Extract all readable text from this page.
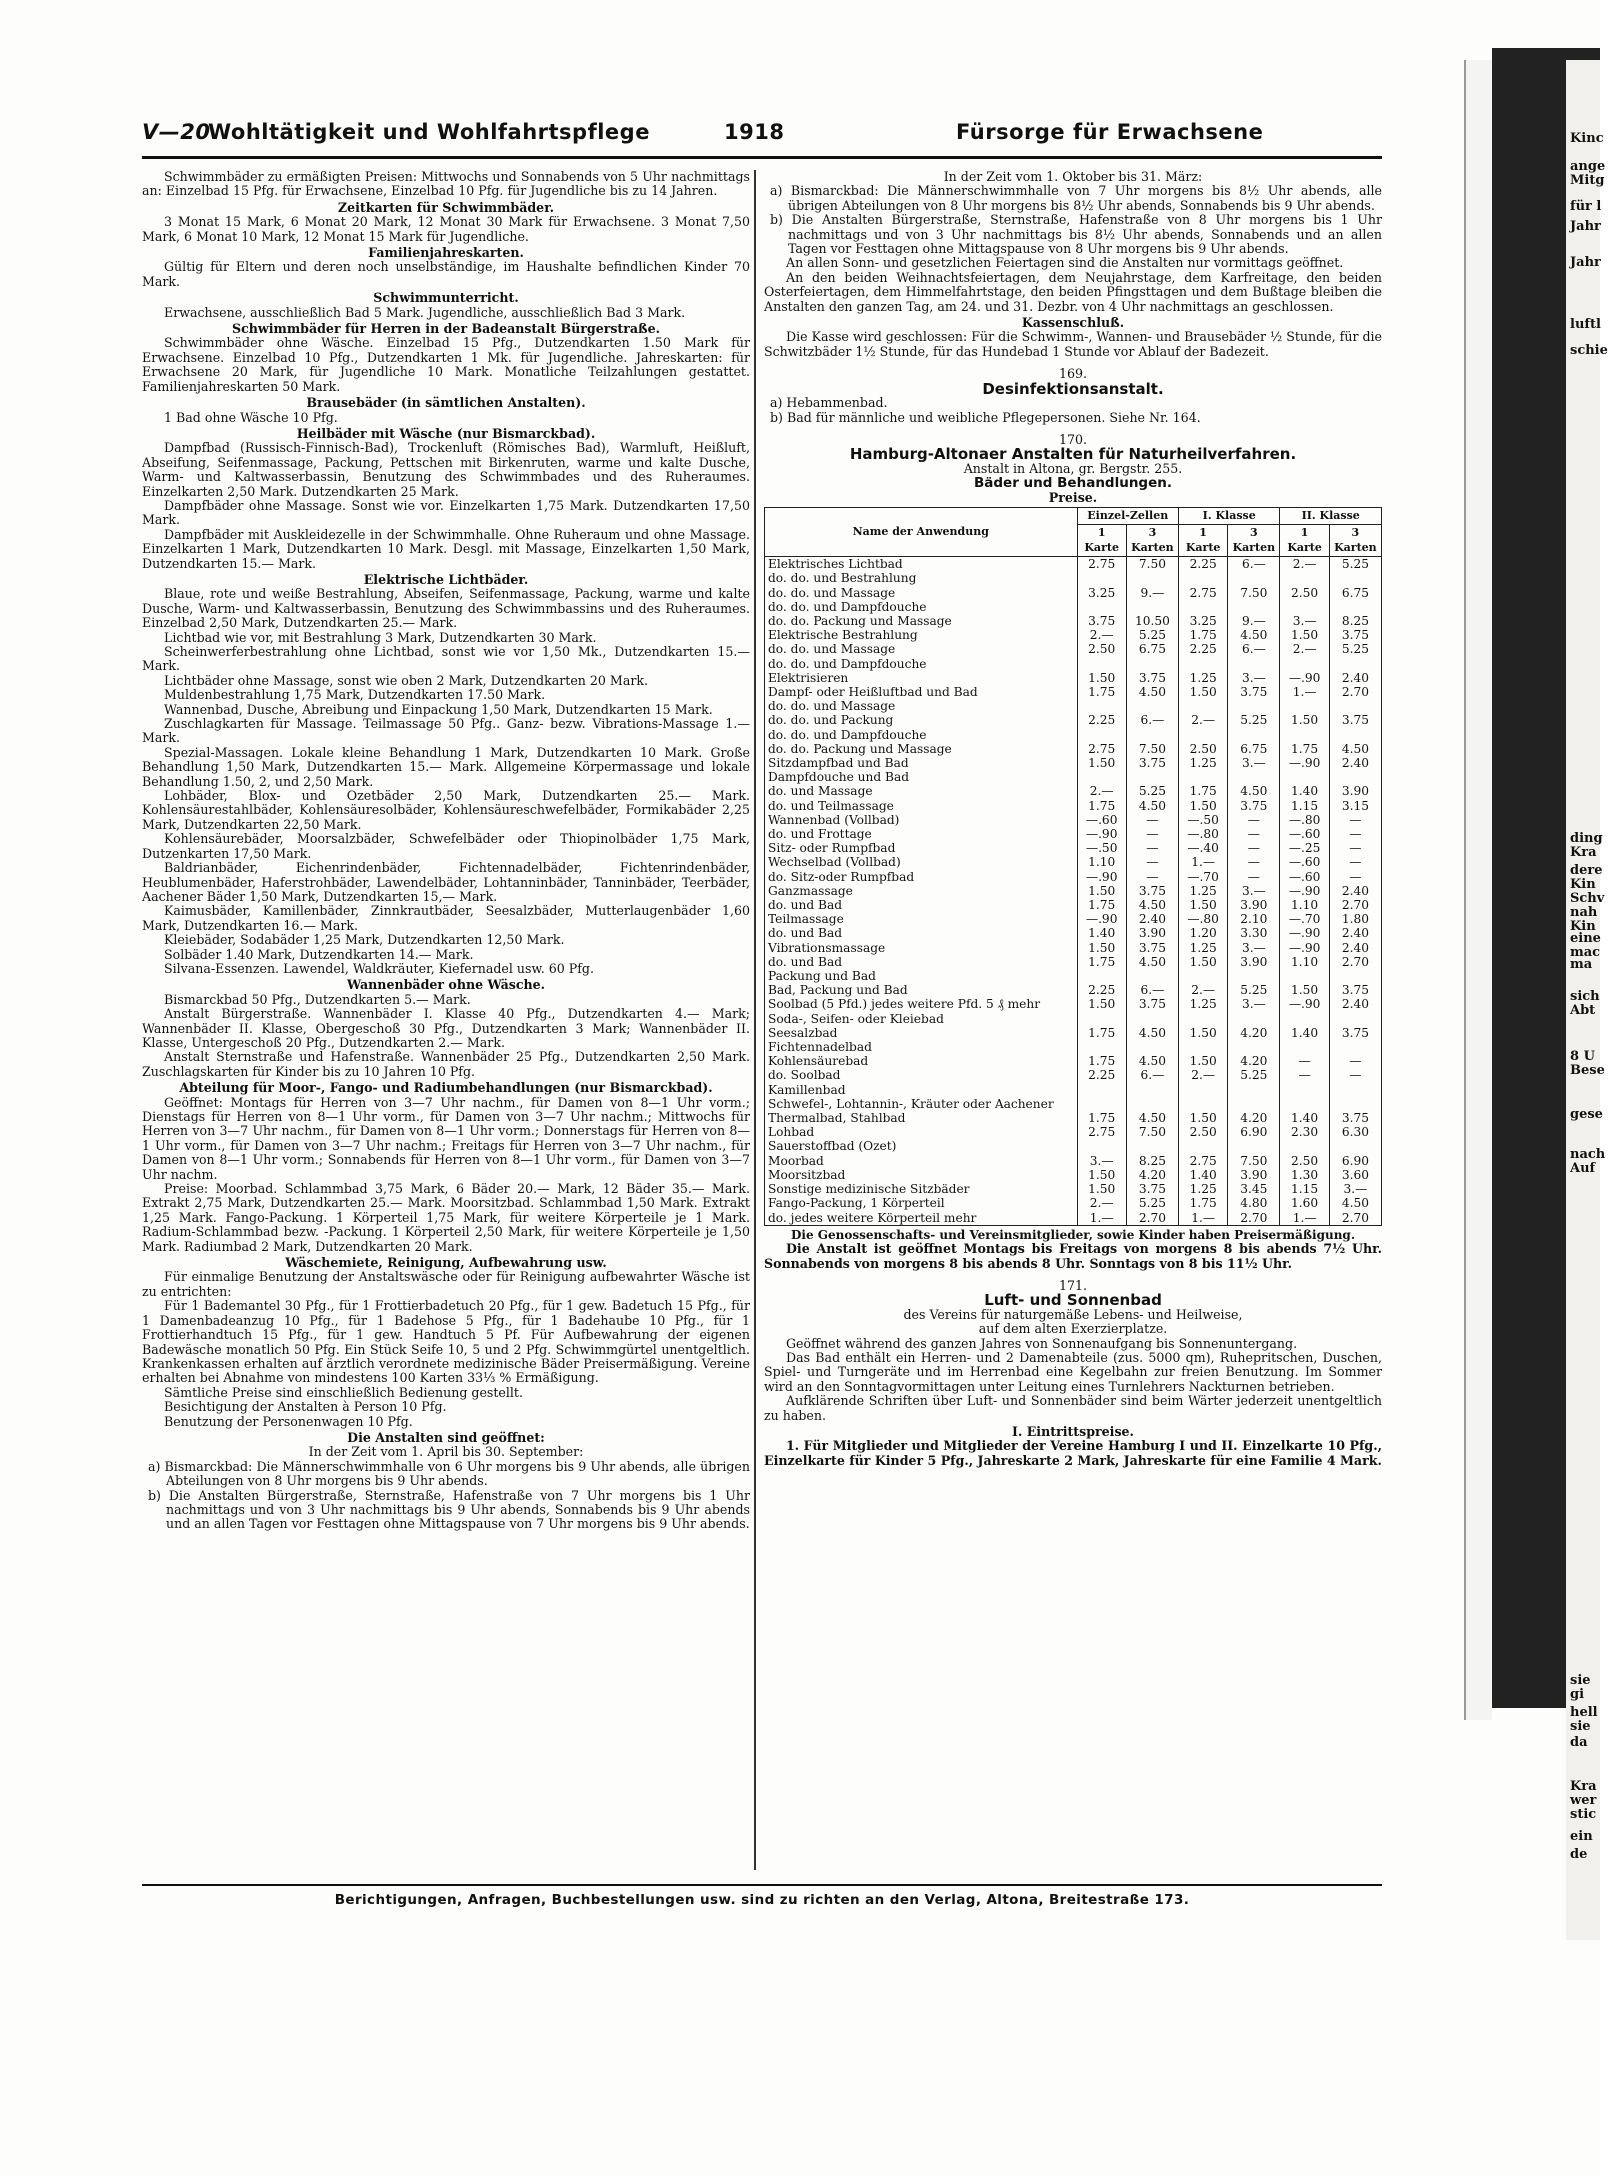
Kinc
ange
Mitg
für l
Jahr
Jahr
luftl
schie
ding
Kra
dere
Kin
Schv
nah
Kin
eine
mac
ma
sich
Abt
8 U
Bese
gese
nach
Auf
sie
gi
hell
sie
da
Kra
wer
stic
ein
de
V—20
Wohltätigkeit und Wohlfahrtspflege	1918	Fürsorge für Erwachsene

Schwimmbäder zu ermäßigten Preisen: Mittwochs und Sonnabends von 5 Uhr nachmittags an: Einzelbad 15 Pfg. für Erwachsene, Einzelbad 10 Pfg. für Jugendliche bis zu 14 Jahren.

Zeitkarten für Schwimmbäder.

3 Monat 15 Mark, 6 Monat 20 Mark, 12 Monat 30 Mark für Erwachsene. 3 Monat 7,50 Mark, 6 Monat 10 Mark, 12 Monat 15 Mark für Jugendliche.

Familienjahreskarten.

Gültig für Eltern und deren noch unselbständige, im Haushalte befindlichen Kinder 70 Mark.

Schwimmunterricht.

Erwachsene, ausschließlich Bad 5 Mark. Jugendliche, ausschließlich Bad 3 Mark.

Schwimmbäder für Herren in der Badeanstalt Bürgerstraße.

Schwimmbäder ohne Wäsche. Einzelbad 15 Pfg., Dutzendkarten 1.50 Mark für Erwachsene. Einzelbad 10 Pfg., Dutzendkarten 1 Mk. für Jugendliche. Jahreskarten: für Erwachsene 20 Mark, für Jugendliche 10 Mark. Monatliche Teilzahlungen gestattet. Familienjahreskarten 50 Mark.

Brausebäder (in sämtlichen Anstalten).

1 Bad ohne Wäsche 10 Pfg.

Heilbäder mit Wäsche (nur Bismarckbad).

Dampfbad (Russisch-Finnisch-Bad), Trockenluft (Römisches Bad), Warmluft, Heißluft, Abseifung, Seifenmassage, Packung, Pettschen mit Birkenruten, warme und kalte Dusche, Warm- und Kaltwasserbassin, Benutzung des Schwimmbades und des Ruheraumes. Einzelkarten 2,50 Mark. Dutzendkarten 25 Mark.

Dampfbäder ohne Massage. Sonst wie vor. Einzelkarten 1,75 Mark. Dutzendkarten 17,50 Mark.

Dampfbäder mit Auskleidezelle in der Schwimmhalle. Ohne Ruheraum und ohne Massage. Einzelkarten 1 Mark, Dutzendkarten 10 Mark. Desgl. mit Massage, Einzelkarten 1,50 Mark, Dutzendkarten 15.— Mark.

Elektrische Lichtbäder.

Blaue, rote und weiße Bestrahlung, Abseifen, Seifenmassage, Packung, warme und kalte Dusche, Warm- und Kaltwasserbassin, Benutzung des Schwimmbassins und des Ruheraumes. Einzelbad 2,50 Mark, Dutzendkarten 25.— Mark.

Lichtbad wie vor, mit Bestrahlung 3 Mark, Dutzendkarten 30 Mark.

Scheinwerferbestrahlung ohne Lichtbad, sonst wie vor 1,50 Mk., Dutzendkarten 15.— Mark.

Lichtbäder ohne Massage, sonst wie oben 2 Mark, Dutzendkarten 20 Mark.

Muldenbestrahlung 1,75 Mark, Dutzendkarten 17.50 Mark.

Wannenbad, Dusche, Abreibung und Einpackung 1,50 Mark, Dutzendkarten 15 Mark.

Zuschlagkarten für Massage. Teilmassage 50 Pfg.. Ganz- bezw. Vibrations-Massage 1.— Mark.

Spezial-Massagen. Lokale kleine Behandlung 1 Mark, Dutzendkarten 10 Mark. Große Behandlung 1,50 Mark, Dutzendkarten 15.— Mark. Allgemeine Körpermassage und lokale Behandlung 1.50, 2, und 2,50 Mark.

Lohbäder, Blox- und Ozetbäder 2,50 Mark, Dutzendkarten 25.— Mark. Kohlensäurestahlbäder, Kohlensäuresolbäder, Kohlensäureschwefelbäder, Formikabäder 2,25 Mark, Dutzendkarten 22,50 Mark.

Kohlensäurebäder, Moorsalzbäder, Schwefelbäder oder Thiopinolbäder 1,75 Mark, Dutzenkarten 17,50 Mark.

Baldrianbäder, Eichenrindenbäder, Fichtennadelbäder, Fichtenrindenbäder, Heublumenbäder, Haferstrohbäder, Lawendelbäder, Lohtanninbäder, Tanninbäder, Teerbäder, Aachener Bäder 1,50 Mark, Dutzendkarten 15,— Mark.

Kaimusbäder, Kamillenbäder, Zinnkrautbäder, Seesalzbäder, Mutterlaugenbäder 1,60 Mark, Dutzendkarten 16.— Mark.

Kleiebäder, Sodabäder 1,25 Mark, Dutzendkarten 12,50 Mark.

Solbäder 1.40 Mark, Dutzendkarten 14.— Mark.

Silvana-Essenzen. Lawendel, Waldkräuter, Kiefernadel usw. 60 Pfg.

Wannenbäder ohne Wäsche.

Bismarckbad 50 Pfg., Dutzendkarten 5.— Mark.

Anstalt Bürgerstraße. Wannenbäder I. Klasse 40 Pfg., Dutzendkarten 4.— Mark; Wannenbäder II. Klasse, Obergeschoß 30 Pfg., Dutzendkarten 3 Mark; Wannenbäder II. Klasse, Untergeschoß 20 Pfg., Dutzendkarten 2.— Mark.

Anstalt Sternstraße und Hafenstraße. Wannenbäder 25 Pfg., Dutzendkarten 2,50 Mark. Zuschlagskarten für Kinder bis zu 10 Jahren 10 Pfg.

Abteilung für Moor-, Fango- und Radiumbehandlungen (nur Bismarckbad).

Geöffnet: Montags für Herren von 3—7 Uhr nachm., für Damen von 8—1 Uhr vorm.; Dienstags für Herren von 8—1 Uhr vorm., für Damen von 3—7 Uhr nachm.; Mittwochs für Herren von 3—7 Uhr nachm., für Damen von 8—1 Uhr vorm.; Donnerstags für Herren von 8—1 Uhr vorm., für Damen von 3—7 Uhr nachm.; Freitags für Herren von 3—7 Uhr nachm., für Damen von 8—1 Uhr vorm.; Sonnabends für Herren von 8—1 Uhr vorm., für Damen von 3—7 Uhr nachm.

Preise: Moorbad. Schlammbad 3,75 Mark, 6 Bäder 20.— Mark, 12 Bäder 35.— Mark. Extrakt 2,75 Mark, Dutzendkarten 25.— Mark. Moorsitzbad. Schlammbad 1,50 Mark. Extrakt 1,25 Mark. Fango-Packung. 1 Körperteil 1,75 Mark, für weitere Körperteile je 1 Mark. Radium-Schlammbad bezw. -Packung. 1 Körperteil 2,50 Mark, für weitere Körperteile je 1,50 Mark. Radiumbad 2 Mark, Dutzendkarten 20 Mark.

Wäschemiete, Reinigung, Aufbewahrung usw.

Für einmalige Benutzung der Anstaltswäsche oder für Reinigung aufbewahrter Wäsche ist zu entrichten:

Für 1 Bademantel 30 Pfg., für 1 Frottierbadetuch 20 Pfg., für 1 gew. Badetuch 15 Pfg., für 1 Damenbadeanzug 10 Pfg., für 1 Badehose 5 Pfg., für 1 Badehaube 10 Pfg., für 1 Frottierhandtuch 15 Pfg., für 1 gew. Handtuch 5 Pf. Für Aufbewahrung der eigenen Badewäsche monatlich 50 Pfg. Ein Stück Seife 10, 5 und 2 Pfg. Schwimmgürtel unentgeltlich. Krankenkassen erhalten auf ärztlich verordnete medizinische Bäder Preisermäßigung. Vereine erhalten bei Abnahme von mindestens 100 Karten 33⅓ % Ermäßigung.

Sämtliche Preise sind einschließlich Bedienung gestellt.

Besichtigung der Anstalten à Person 10 Pfg.

Benutzung der Personenwagen 10 Pfg.

Die Anstalten sind geöffnet:
In der Zeit vom 1. April bis 30. September:

a) Bismarckbad: Die Männerschwimmhalle von 6 Uhr morgens bis 9 Uhr abends, alle übrigen Abteilungen von 8 Uhr morgens bis 9 Uhr abends.

b) Die Anstalten Bürgerstraße, Sternstraße, Hafenstraße von 7 Uhr morgens bis 1 Uhr nachmittags und von 3 Uhr nachmittags bis 9 Uhr abends, Sonnabends bis 9 Uhr abends und an allen Tagen vor Festtagen ohne Mittagspause von 7 Uhr morgens bis 9 Uhr abends.

In der Zeit vom 1. Oktober bis 31. März:

a) Bismarckbad: Die Männerschwimmhalle von 7 Uhr morgens bis 8½ Uhr abends, alle übrigen Abteilungen von 8 Uhr morgens bis 8½ Uhr abends, Sonnabends bis 9 Uhr abends.

b) Die Anstalten Bürgerstraße, Sternstraße, Hafenstraße von 8 Uhr morgens bis 1 Uhr nachmittags und von 3 Uhr nachmittags bis 8½ Uhr abends, Sonnabends und an allen Tagen vor Festtagen ohne Mittagspause von 8 Uhr morgens bis 9 Uhr abends.

An allen Sonn- und gesetzlichen Feiertagen sind die Anstalten nur vormittags geöffnet.

An den beiden Weihnachtsfeiertagen, dem Neujahrstage, dem Karfreitage, den beiden Osterfeiertagen, dem Himmelfahrtstage, den beiden Pfingsttagen und dem Bußtage bleiben die Anstalten den ganzen Tag, am 24. und 31. Dezbr. von 4 Uhr nachmittags an geschlossen.

Kassenschluß.

Die Kasse wird geschlossen: Für die Schwimm-, Wannen- und Brausebäder ½ Stunde, für die Schwitzbäder 1½ Stunde, für das Hundebad 1 Stunde vor Ablauf der Badezeit.

169.
Desinfektionsanstalt.

a) Hebammenbad.

b) Bad für männliche und weibliche Pflegepersonen. Siehe Nr. 164.

170.
Hamburg-Altonaer Anstalten für Naturheilverfahren.
Anstalt in Altona, gr. Bergstr. 255.
Bäder und Behandlungen.
Preise.
Name der Anwendung	Einzel-Zellen		I. Klasse		II. Klasse	
	1 Karte	3 Karten	1 Karte	3 Karten	1 Karte	3 Karten
Elektrisches Lichtbad	2.75	7.50	2.25	6.—	2.—	5.25
do. do. und Bestrahlung						
do. do. und Massage	3.25	9.—	2.75	7.50	2.50	6.75
do. do. und Dampfdouche						
do. do. Packung und Massage	3.75	10.50	3.25	9.—	3.—	8.25
Elektrische Bestrahlung	2.—	5.25	1.75	4.50	1.50	3.75
do. do. und Massage	2.50	6.75	2.25	6.—	2.—	5.25
do. do. und Dampfdouche						
Elektrisieren	1.50	3.75	1.25	3.—	—.90	2.40
Dampf- oder Heißluftbad und Bad	1.75	4.50	1.50	3.75	1.—	2.70
do. do. und Massage						
do. do. und Packung	2.25	6.—	2.—	5.25	1.50	3.75
do. do. und Dampfdouche						
do. do. Packung und Massage	2.75	7.50	2.50	6.75	1.75	4.50
Sitzdampfbad und Bad	1.50	3.75	1.25	3.—	—.90	2.40
Dampfdouche und Bad						
do. und Massage	2.—	5.25	1.75	4.50	1.40	3.90
do. und Teilmassage	1.75	4.50	1.50	3.75	1.15	3.15
Wannenbad (Vollbad)	—.60	—	—.50	—	—.80	—
do. und Frottage	—.90	—	—.80	—	—.60	—
Sitz- oder Rumpfbad	—.50	—	—.40	—	—.25	—
Wechselbad (Vollbad)	1.10	—	1.—	—	—.60	—
do. Sitz-oder Rumpfbad	—.90	—	—.70	—	—.60	—
Ganzmassage	1.50	3.75	1.25	3.—	—.90	2.40
do. und Bad	1.75	4.50	1.50	3.90	1.10	2.70
Teilmassage	—.90	2.40	—.80	2.10	—.70	1.80
do. und Bad	1.40	3.90	1.20	3.30	—.90	2.40
Vibrationsmassage	1.50	3.75	1.25	3.—	—.90	2.40
do. und Bad	1.75	4.50	1.50	3.90	1.10	2.70
Packung und Bad						
Bad, Packung und Bad	2.25	6.—	2.—	5.25	1.50	3.75
Soolbad (5 Pfd.) jedes weitere Pfd. 5 ₰ mehr	1.50	3.75	1.25	3.—	—.90	2.40
Soda-, Seifen- oder Kleiebad						
Seesalzbad	1.75	4.50	1.50	4.20	1.40	3.75
Fichtennadelbad						
Kohlensäurebad	1.75	4.50	1.50	4.20	—	—
do. Soolbad	2.25	6.—	2.—	5.25	—	—
Kamillenbad						
Schwefel-, Lohtannin-, Kräuter oder Aachener Thermalbad, Stahlbad	1.75	4.50	1.50	4.20	1.40	3.75
Lohbad	2.75	7.50	2.50	6.90	2.30	6.30
Sauerstoffbad (Ozet)						
Moorbad	3.—	8.25	2.75	7.50	2.50	6.90
Moorsitzbad	1.50	4.20	1.40	3.90	1.30	3.60
Sonstige medizinische Sitzbäder	1.50	3.75	1.25	3.45	1.15	3.—
Fango-Packung, 1 Körperteil	2.—	5.25	1.75	4.80	1.60	4.50
do. jedes weitere Körperteil mehr	1.—	2.70	1.—	2.70	1.—	2.70

Die Genossenschafts- und Vereinsmitglieder, sowie Kinder haben Preisermäßigung.

Die Anstalt ist geöffnet Montags bis Freitags von morgens 8 bis abends 7½ Uhr. Sonnabends von morgens 8 bis abends 8 Uhr. Sonntags von 8 bis 11½ Uhr.

171.
Luft- und Sonnenbad
des Vereins für naturgemäße Lebens- und Heilweise,
auf dem alten Exerzierplatze.

Geöffnet während des ganzen Jahres von Sonnenaufgang bis Sonnenuntergang.

Das Bad enthält ein Herren- und 2 Damenabteile (zus. 5000 qm), Ruhepritschen, Duschen, Spiel- und Turngeräte und im Herrenbad eine Kegelbahn zur freien Benutzung. Im Sommer wird an den Sonntagvormittagen unter Leitung eines Turnlehrers Nackturnen betrieben.

Aufklärende Schriften über Luft- und Sonnenbäder sind beim Wärter jederzeit unentgeltlich zu haben.

I. Eintrittspreise.

1. Für Mitglieder und Mitglieder der Vereine Hamburg I und II. Einzelkarte 10 Pfg., Einzelkarte für Kinder 5 Pfg., Jahreskarte 2 Mark, Jahreskarte für eine Familie 4 Mark.

Berichtigungen, Anfragen, Buchbestellungen usw. sind zu richten an den Verlag, Altona, Breitestraße 173.
